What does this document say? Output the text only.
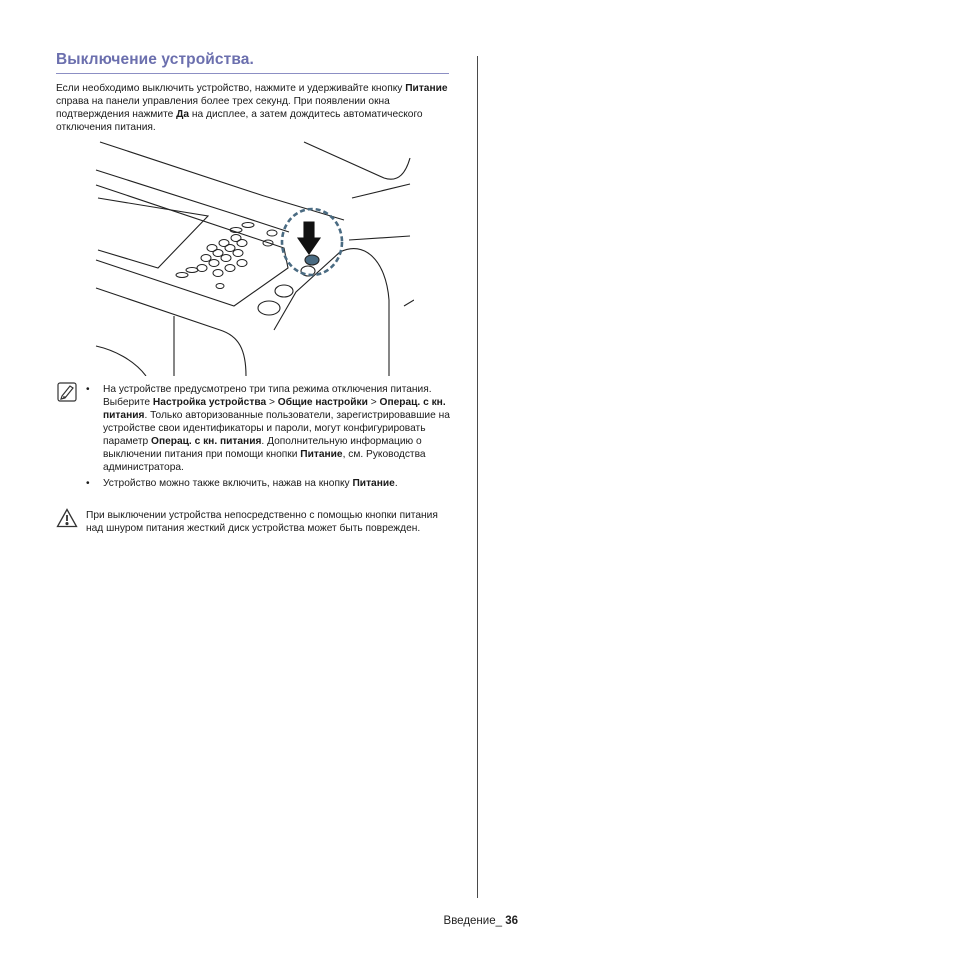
Выключение устройства.

Если необходимо выключить устройство, нажмите и удерживайте кнопку Питание справа на панели управления более трех секунд. При появлении окна подтверждения нажмите Да на дисплее, а затем дождитесь автоматического отключения питания.

• На устройстве предусмотрено три типа режима отключения питания. Выберите Настройка устройства > Общие настройки > Операц. с кн. питания. Только авторизованные пользователи, зарегистрировавшие на устройстве свои идентификаторы и пароли, могут конфигурировать параметр Операц. с кн. питания. Дополнительную информацию о выключении питания при помощи кнопки Питание, см. Руководства администратора.
• Устройство можно также включить, нажав на кнопку Питание.

При выключении устройства непосредственно с помощью кнопки питания над шнуром питания жесткий диск устройства может быть поврежден.

Введение_ 36
